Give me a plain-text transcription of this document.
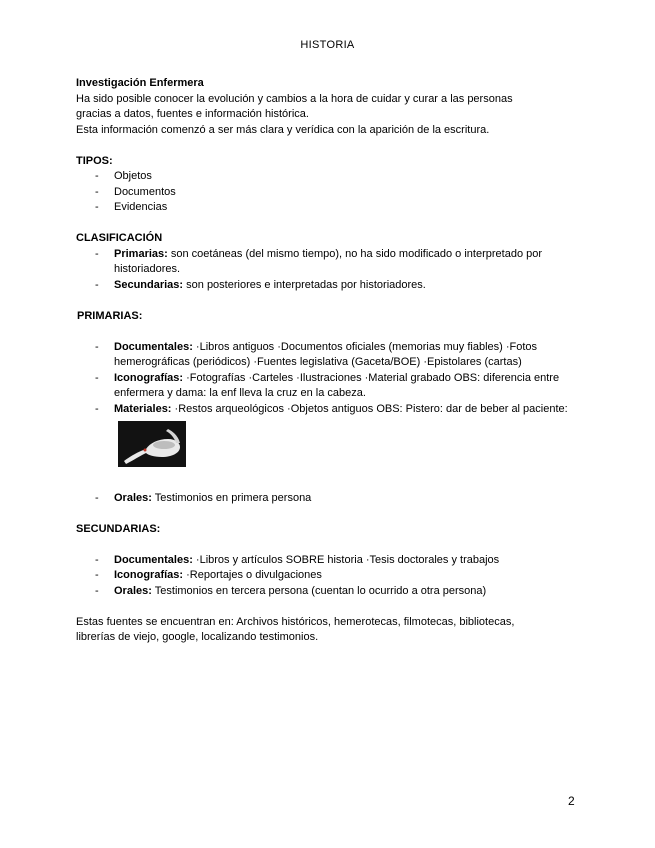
HISTORIA

Investigación Enfermera

Ha sido posible conocer la evolución y cambios a la hora de cuidar y curar a las personas

gracias a datos, fuentes e información histórica.

Esta información comenzó a ser más clara y verídica con la aparición de la escritura.

TIPOS:

- Objetos
- Documentos
- Evidencias

CLASIFICACIÓN

- Primarias: son coetáneas (del mismo tiempo), no ha sido modificado o interpretado por historiadores.
- Secundarias: son posteriores e interpretadas por historiadores.

PRIMARIAS:

- Documentales: ·Libros antiguos ·Documentos oficiales (memorias muy fiables) ·Fotos hemerográficas (periódicos) ·Fuentes legislativa (Gaceta/BOE) ·Epistolares (cartas)
- Iconografías: ·Fotografías ·Carteles ·Ilustraciones ·Material grabado OBS: diferencia entre enfermera y dama: la enf lleva la cruz en la cabeza.
- Materiales: ·Restos arqueológicos ·Objetos antiguos OBS: Pistero: dar de beber al paciente:
- Orales: Testimonios en primera persona

SECUNDARIAS:

- Documentales: ·Libros y artículos SOBRE historia ·Tesis doctorales y trabajos
- Iconografías: ·Reportajes o divulgaciones
- Orales: Testimonios en tercera persona (cuentan lo ocurrido a otra persona)

Estas fuentes se encuentran en: Archivos históricos, hemerotecas, filmotecas, bibliotecas,

librerías de viejo, google, localizando testimonios.

2
